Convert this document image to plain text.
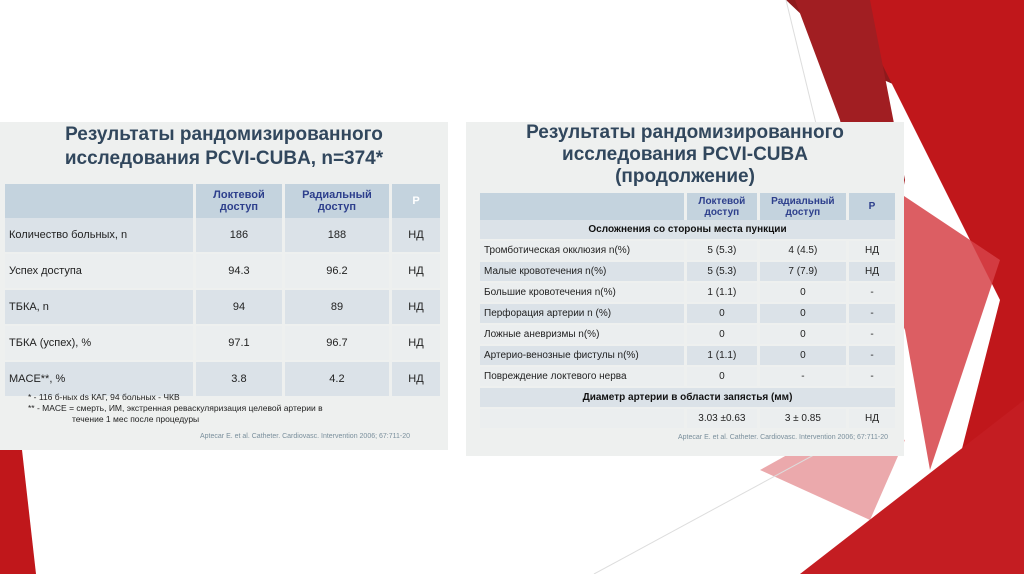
Результаты рандомизированного
исследования PCVI-CUBA, n=374*
	Локтевой доступ	Радиальный доступ	P
Количество больных, n	186	188	НД
Успех доступа	94.3	96.2	НД
ТБКА, n	94	89	НД
ТБКА (успех), %	97.1	96.7	НД
MACE**, %	3.8	4.2	НД
* - 116 б-ных ds КАГ, 94 больных - ЧКВ
** - MACE = смерть, ИМ, экстренная реваскуляризация целевой артерии в
течение 1 мес после процедуры
Aptecar E. et al. Catheter. Cardiovasc. Intervention 2006; 67:711-20
Результаты рандомизированного
исследования PCVI-CUBA
(продолжение)
	Локтевой доступ	Радиальный доступ	P
Осложнения со стороны места пункции			
Тромботическая окклюзия n(%)	5 (5.3)	4 (4.5)	НД
Малые кровотечения n(%)	5 (5.3)	7 (7.9)	НД
Большие кровотечения n(%)	1 (1.1)	0	-
Перфорация артерии n (%)	0	0	-
Ложные аневризмы n(%)	0	0	-
Артерио-венозные фистулы n(%)	1 (1.1)	0	-
Повреждение локтевого нерва	0	-	-
Диаметр артерии в области запястья (мм)			
	3.03 ±0.63	3 ± 0.85	НД
Aptecar E. et al. Catheter. Cardiovasc. Intervention 2006; 67:711-20
